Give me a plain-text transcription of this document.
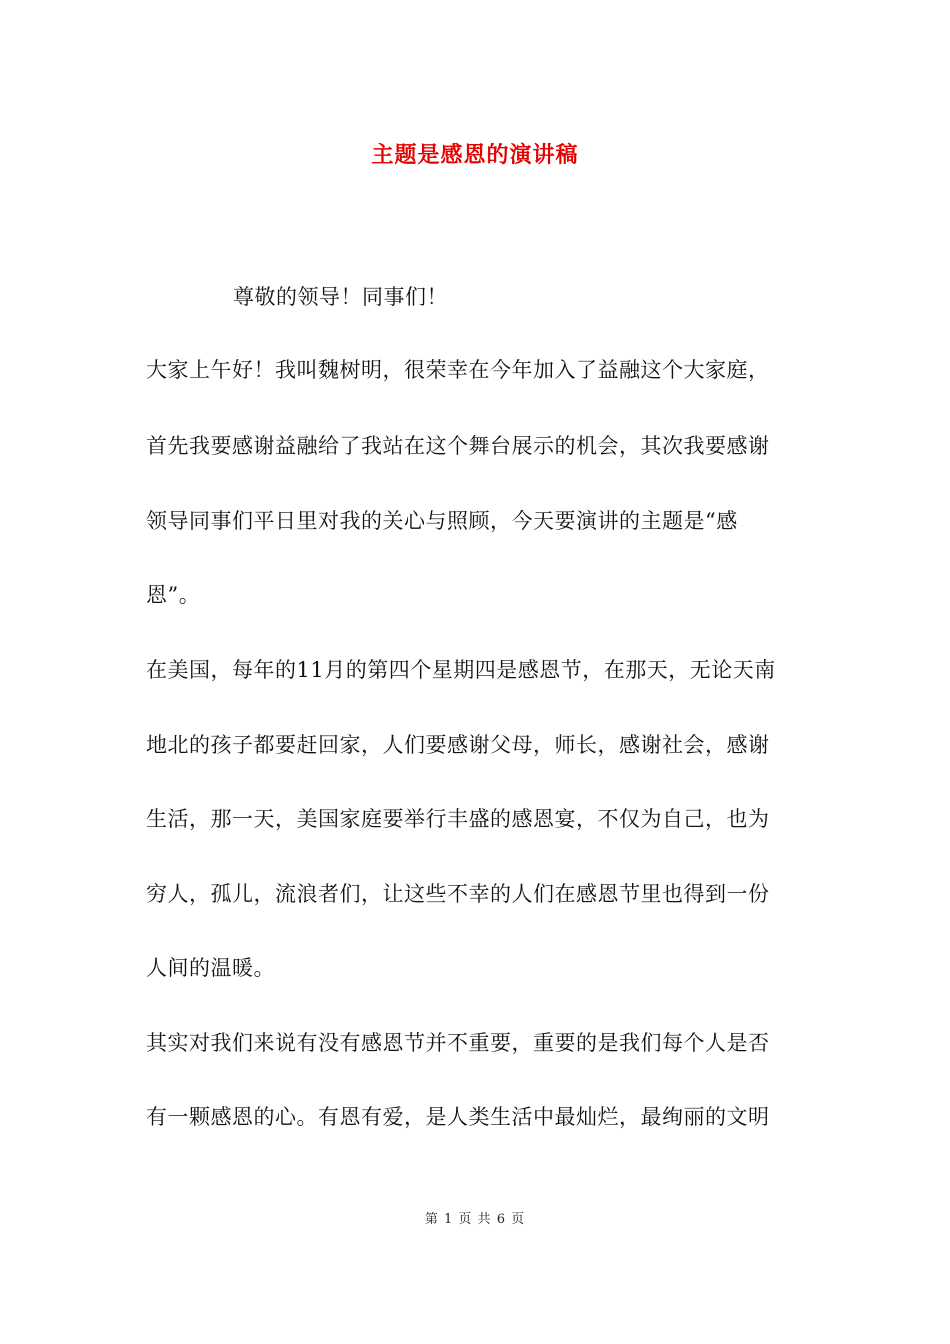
主题是感恩的演讲稿
尊敬的领导！同事们！
大家上午好！我叫魏树明，很荣幸在今年加入了益融这个大家庭，
首先我要感谢益融给了我站在这个舞台展示的机会，其次我要感谢
领导同事们平日里对我的关心与照顾，今天要演讲的主题是“感
恩”。
在美国，每年的11月的第四个星期四是感恩节，在那天，无论天南
地北的孩子都要赶回家，人们要感谢父母，师长，感谢社会，感谢
生活，那一天，美国家庭要举行丰盛的感恩宴，不仅为自己，也为
穷人，孤儿，流浪者们，让这些不幸的人们在感恩节里也得到一份
人间的温暖。
其实对我们来说有没有感恩节并不重要，重要的是我们每个人是否
有一颗感恩的心。有恩有爱，是人类生活中最灿烂，最绚丽的文明
第 1 页 共 6 页
